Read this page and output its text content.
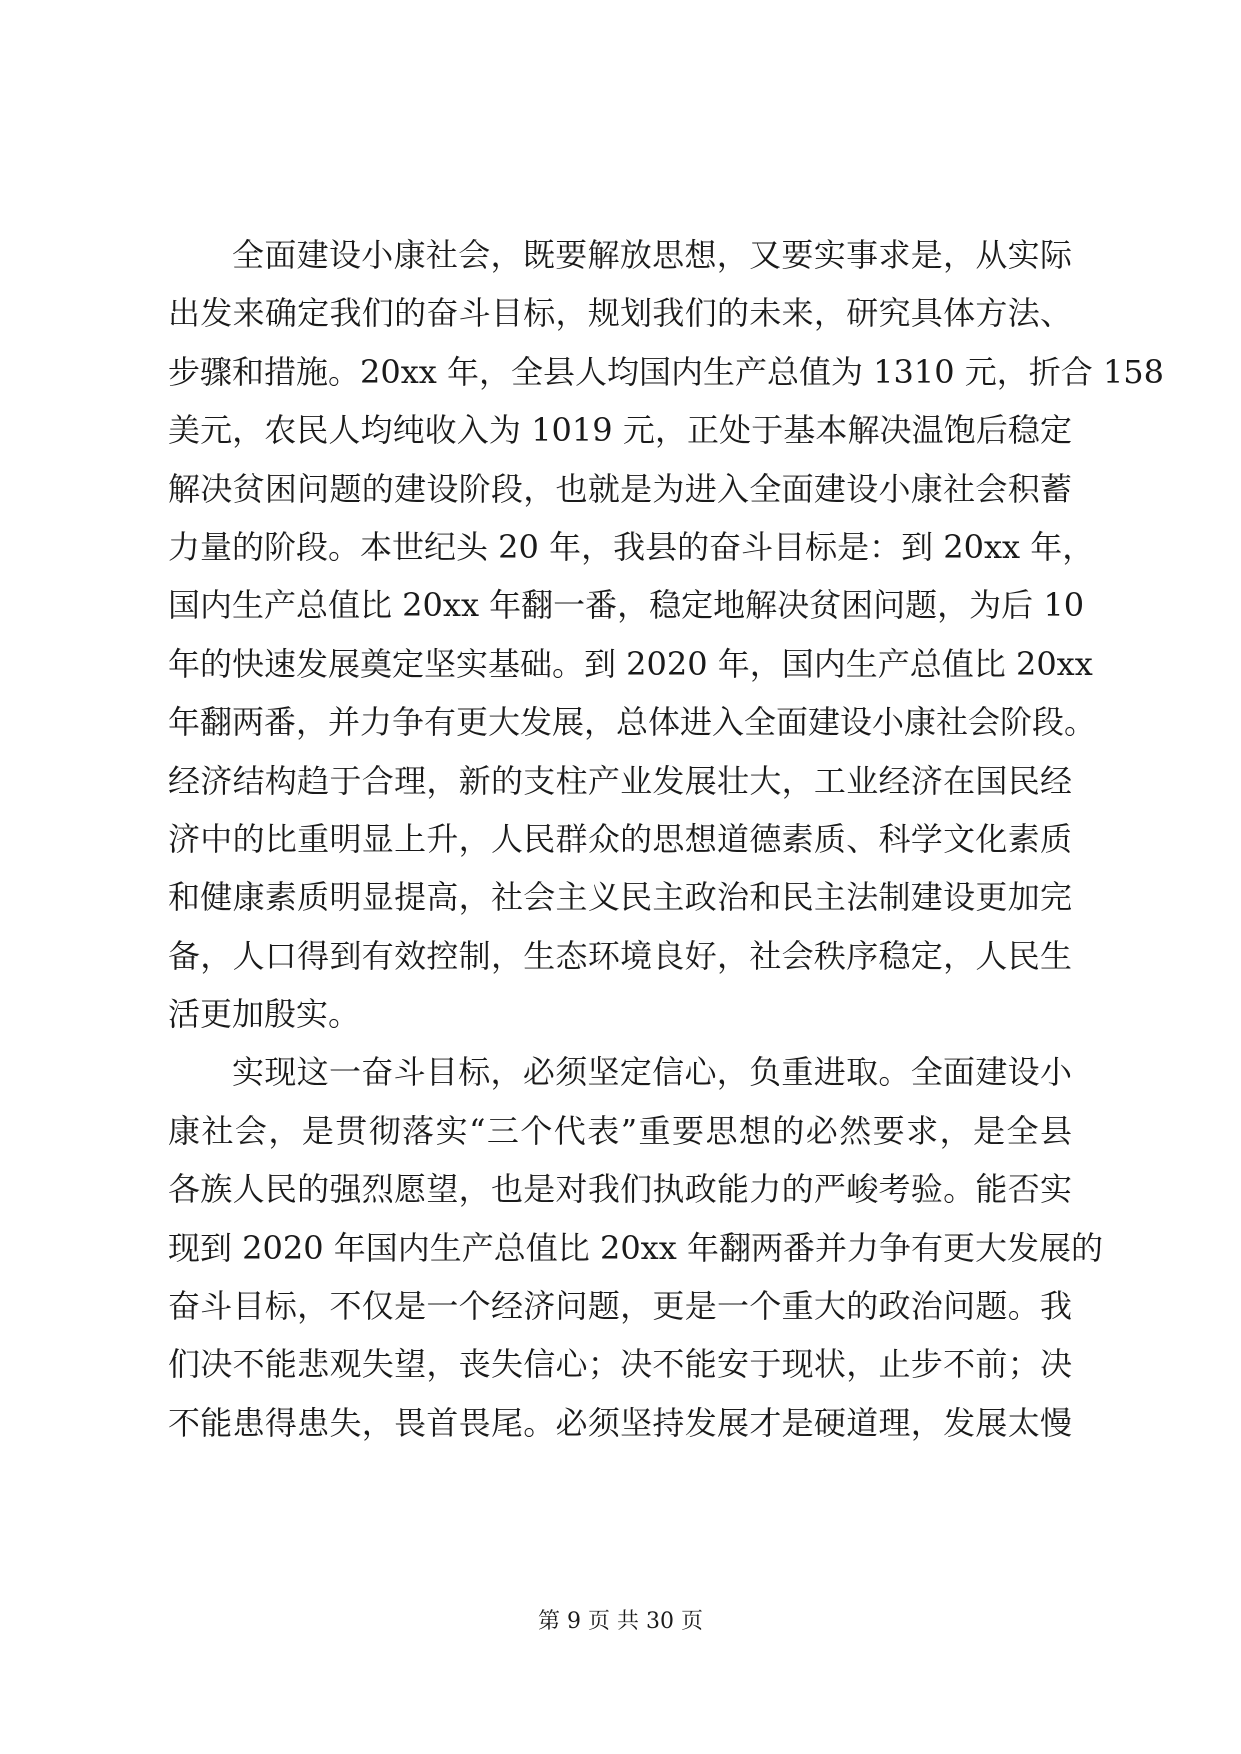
全面建设小康社会，既要解放思想，又要实事求是，从实际
出发来确定我们的奋斗目标，规划我们的未来，研究具体方法、
步骤和措施。20xx 年，全县人均国内生产总值为 1310 元，折合 158
美元，农民人均纯收入为 1019 元，正处于基本解决温饱后稳定
解决贫困问题的建设阶段，也就是为进入全面建设小康社会积蓄
力量的阶段。本世纪头 20 年，我县的奋斗目标是：到 20xx 年，
国内生产总值比 20xx 年翻一番，稳定地解决贫困问题，为后 10
年的快速发展奠定坚实基础。到 2020 年，国内生产总值比 20xx
年翻两番，并力争有更大发展，总体进入全面建设小康社会阶段。
经济结构趋于合理，新的支柱产业发展壮大，工业经济在国民经
济中的比重明显上升，人民群众的思想道德素质、科学文化素质
和健康素质明显提高，社会主义民主政治和民主法制建设更加完
备，人口得到有效控制，生态环境良好，社会秩序稳定，人民生
活更加殷实。
实现这一奋斗目标，必须坚定信心，负重进取。全面建设小
康社会，是贯彻落实“三个代表”重要思想的必然要求，是全县
各族人民的强烈愿望，也是对我们执政能力的严峻考验。能否实
现到 2020 年国内生产总值比 20xx 年翻两番并力争有更大发展的
奋斗目标，不仅是一个经济问题，更是一个重大的政治问题。我
们决不能悲观失望，丧失信心；决不能安于现状，止步不前；决
不能患得患失，畏首畏尾。必须坚持发展才是硬道理，发展太慢
第 9 页 共 30 页
